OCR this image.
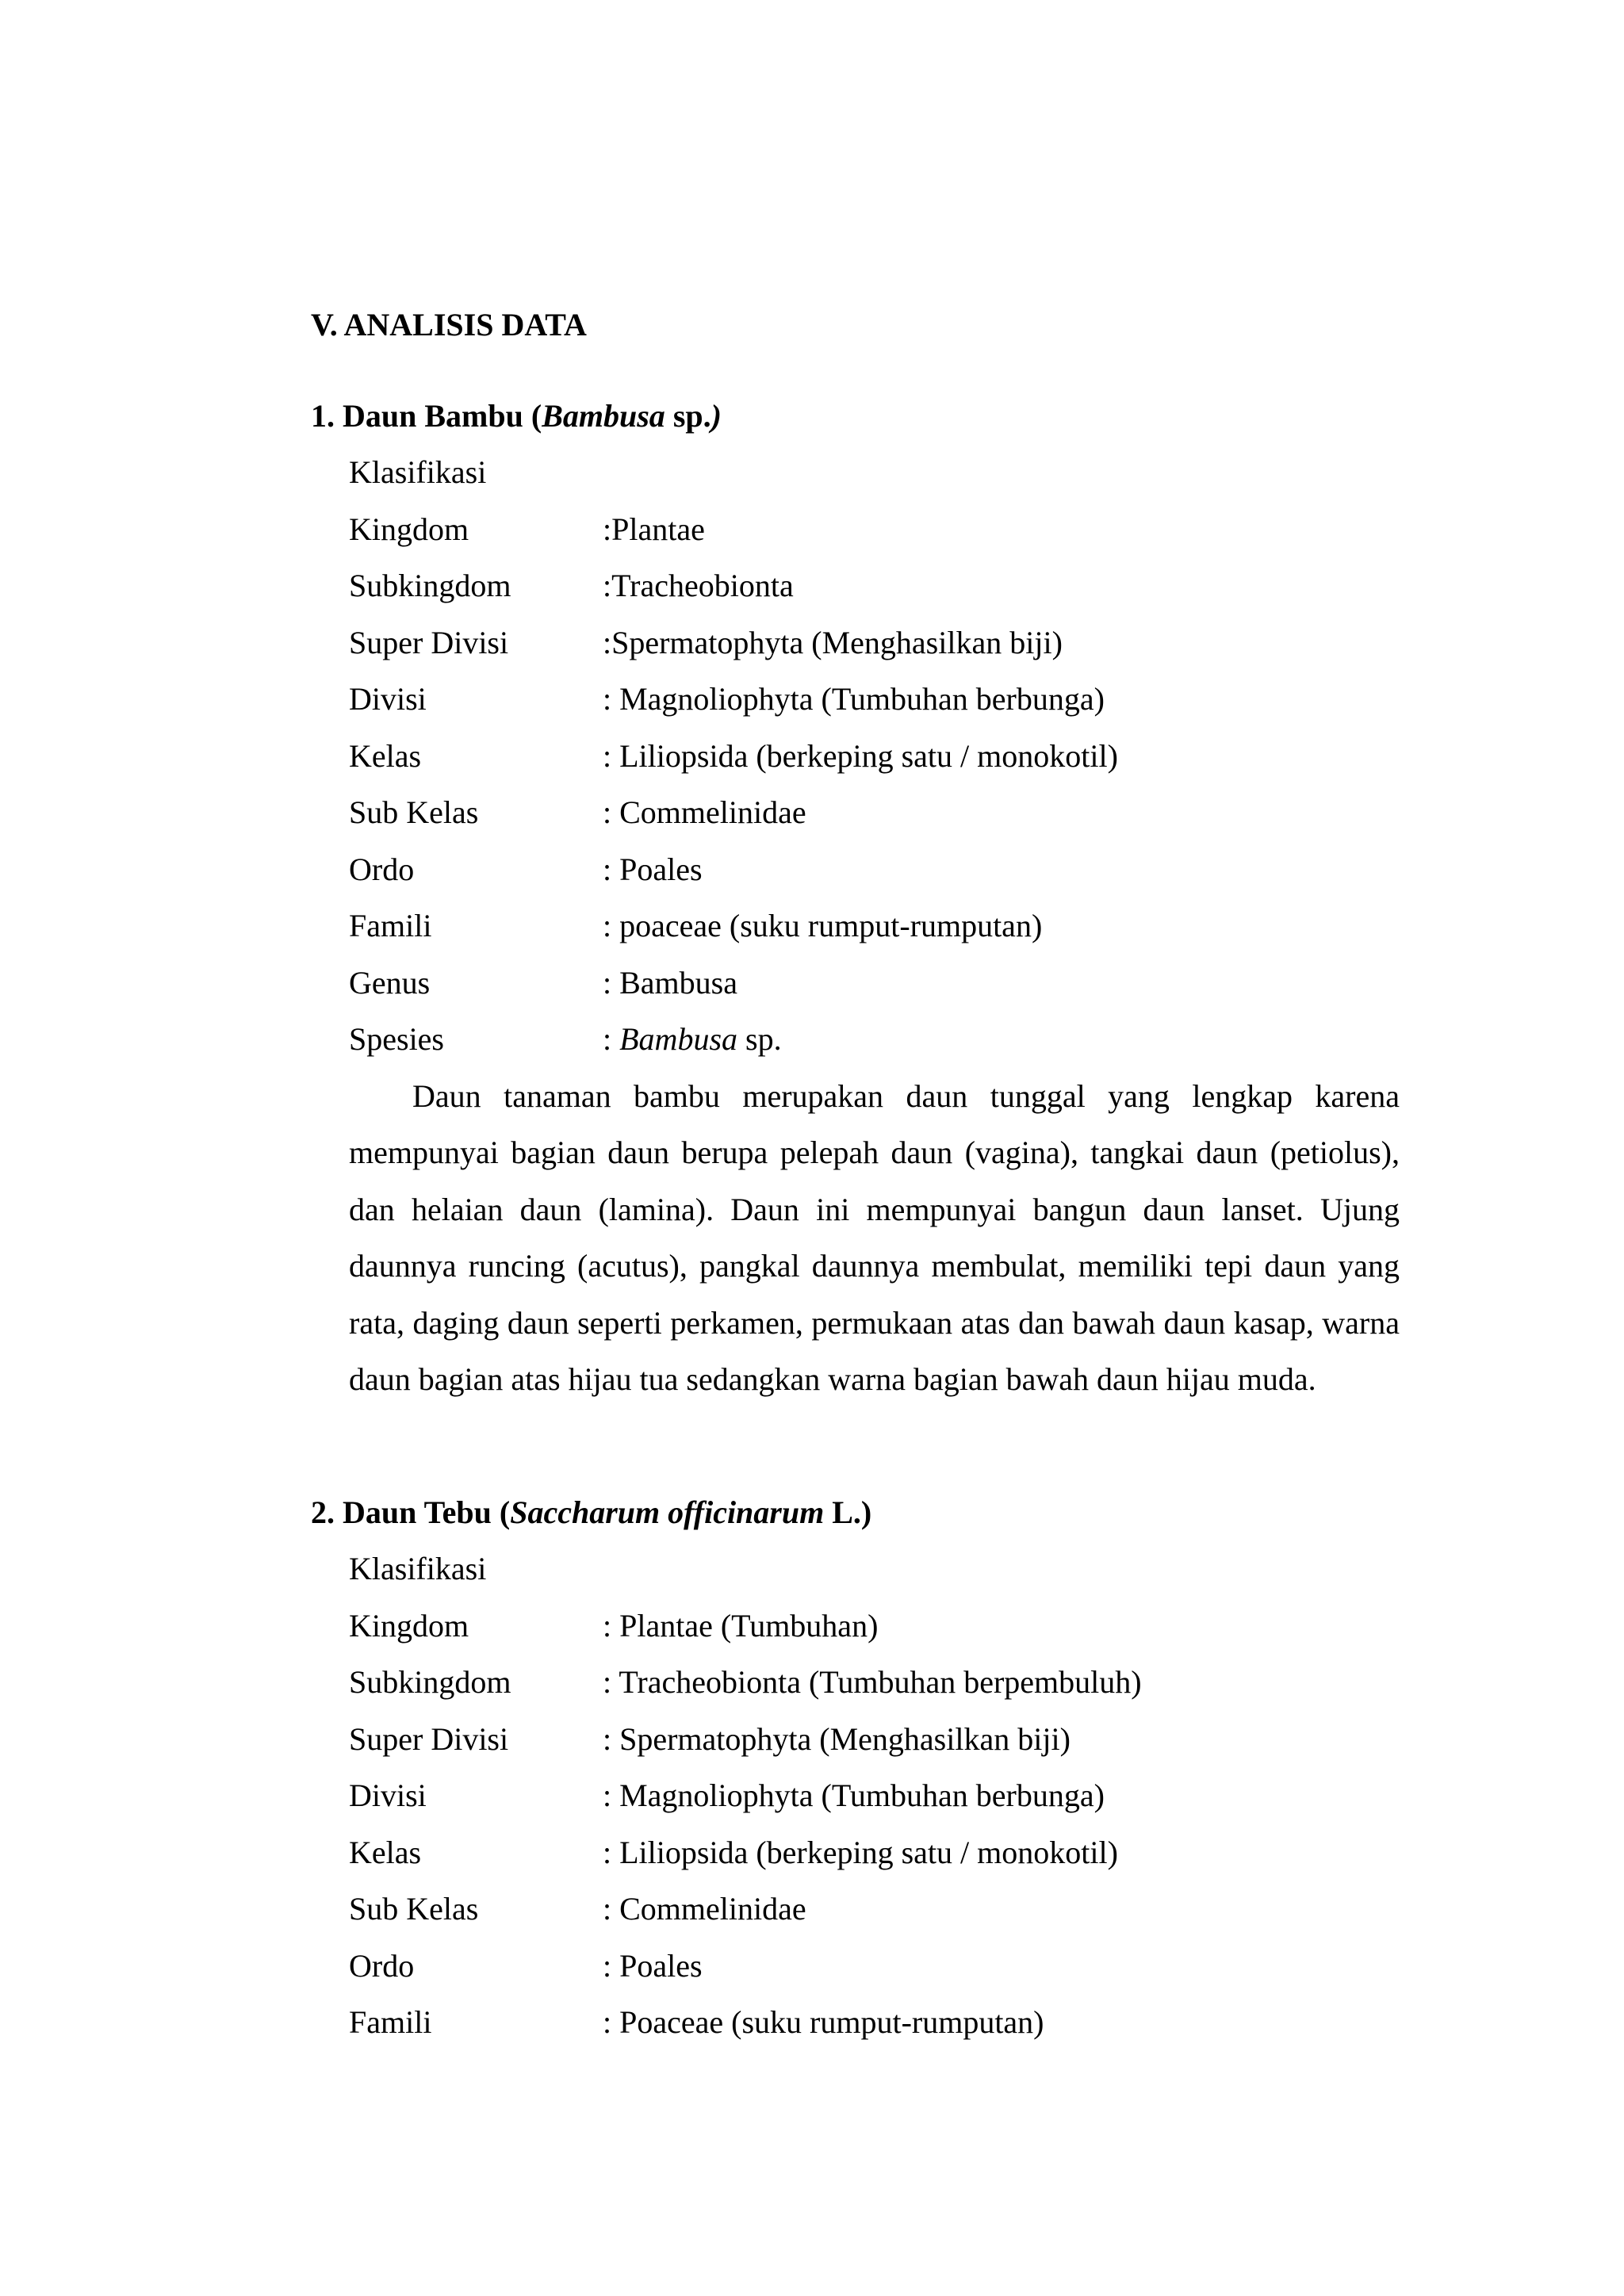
V. ANALISIS DATA
1. Daun Bambu (Bambusa sp.)
Klasifikasi
Kingdom	:Plantae
Subkingdom	:Tracheobionta
Super Divisi	:Spermatophyta (Menghasilkan biji)
Divisi	: Magnoliophyta (Tumbuhan berbunga)
Kelas	: Liliopsida (berkeping satu / monokotil)
Sub Kelas	: Commelinidae
Ordo	: Poales
Famili	: poaceae (suku rumput-rumputan)
Genus	: Bambusa
Spesies	: Bambusa sp.
Daun tanaman bambu merupakan daun tunggal yang lengkap karena mempunyai bagian daun berupa pelepah daun (vagina), tangkai daun (petiolus), dan helaian daun (lamina). Daun ini mempunyai bangun daun lanset. Ujung daunnya runcing (acutus), pangkal daunnya membulat, memiliki tepi daun yang rata, daging daun seperti perkamen, permukaan atas dan bawah daun kasap, warna daun bagian atas hijau tua sedangkan warna bagian bawah daun hijau muda.
2. Daun Tebu (Saccharum officinarum L.)
Klasifikasi
Kingdom	: Plantae (Tumbuhan)
Subkingdom	: Tracheobionta (Tumbuhan berpembuluh)
Super Divisi	: Spermatophyta (Menghasilkan biji)
Divisi	: Magnoliophyta (Tumbuhan berbunga)
Kelas	: Liliopsida (berkeping satu / monokotil)
Sub Kelas	: Commelinidae
Ordo	: Poales
Famili	: Poaceae (suku rumput-rumputan)
